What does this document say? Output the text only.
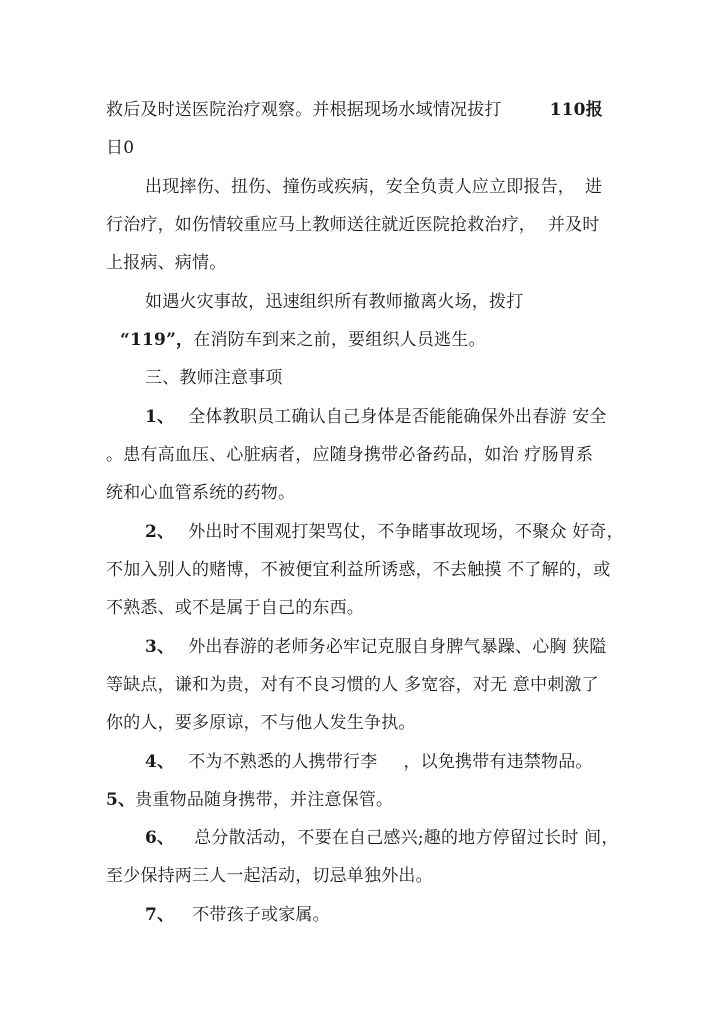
救后及时送医院治疗观察。并根据现场水域情况拔打	110报
日0
出现摔伤、扭伤、撞伤或疾病，安全负责人应立即报告， 进
行治疗，如伤情较重应马上教师送往就近医院抢救治疗， 并及时
上报病、病情。
如遇火灾事故，迅速组织所有教师撤离火场，拨打
“119”，在消防车到来之前，要组织人员逃生。
三、教师注意事项
1、 全体教职员工确认自己身体是否能能确保外出春游 安全
。患有高血压、心脏病者，应随身携带必备药品，如治 疗肠胃系
统和心血管系统的药物。
2、 外出时不围观打架骂仗，不争睹事故现场，不聚众 好奇，
不加入别人的赌博，不被便宜利益所诱惑，不去触摸 不了解的，或
不熟悉、或不是属于自己的东西。
3、 外出春游的老师务必牢记克服自身脾气暴躁、心胸 狭隘
等缺点，谦和为贵，对有不良习惯的人 多宽容，对无 意中刺激了
你的人，要多原谅，不与他人发生争执。
4、 不为不熟悉的人携带行李 ，以免携带有违禁物品。
5、贵重物品随身携带，并注意保管。
6、 总分散活动，不要在自己感兴;趣的地方停留过长时 间，
至少保持两三人一起活动，切忌单独外出。
7、 不带孩子或家属。
